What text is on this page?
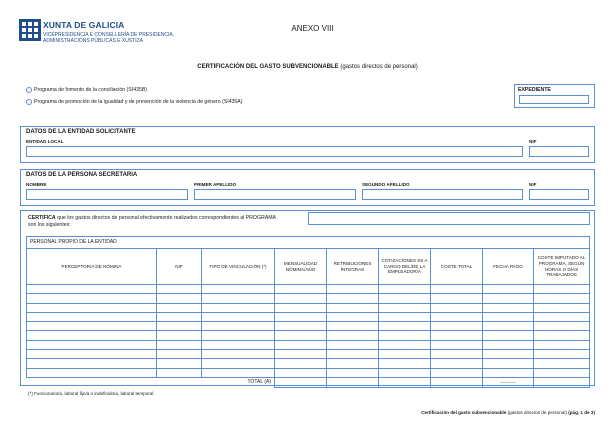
XUNTA DE GALICIA
VICEPRESIDENCIA E CONSELLERÍA DE PRESIDENCIA,
ADMINISTRACIÓNS PÚBLICAS E XUSTIZA
ANEXO VIII
CERTIFICACIÓN DEL GASTO SUBVENCIONABLE (gastos directos de personal)
Programa de fomento de la conciliación (SI435B)
Programa de promoción de la igualdad y de prevención de la violencia de género (SI435A)
EXPEDIENTE
DATOS DE LA ENTIDAD SOLICITANTE
ENTIDAD LOCAL	NIF
DATOS DE LA PERSONA SECRETARIA
NOMBRE	PRIMER APELLIDO	SEGUNDO APELLIDO	NIF
CERTIFICA que los gastos directos de personal efectivamente realizados correspondientes al PROGRAMA
son los siguientes:
PERSONAL PROPIO DE LA ENTIDAD								
PERCEPTOR/A DE NÓMINA	NIF	TIPO DE VINCULACIÓN (*)	MENSUALIDAD NÓMINA/AÑO	RETRIBUCIONES ÍNTEGRAS	COTIZACIONES SS A CARGO DEL/DE LA EMPLEADOR/A	COSTE TOTAL	FECHA PAGO	COSTE IMPUTADO AL PROGRAMA, SEGÚN HORAS O DÍAS TRABAJADOS

TOTAL (A)							----------	
(*) Funcionario/a, laboral fijo/a o indefinido/a, laboral temporal
Certificación del gasto subvencionable (gastos directos de personal) (pág. 1 de 3)
